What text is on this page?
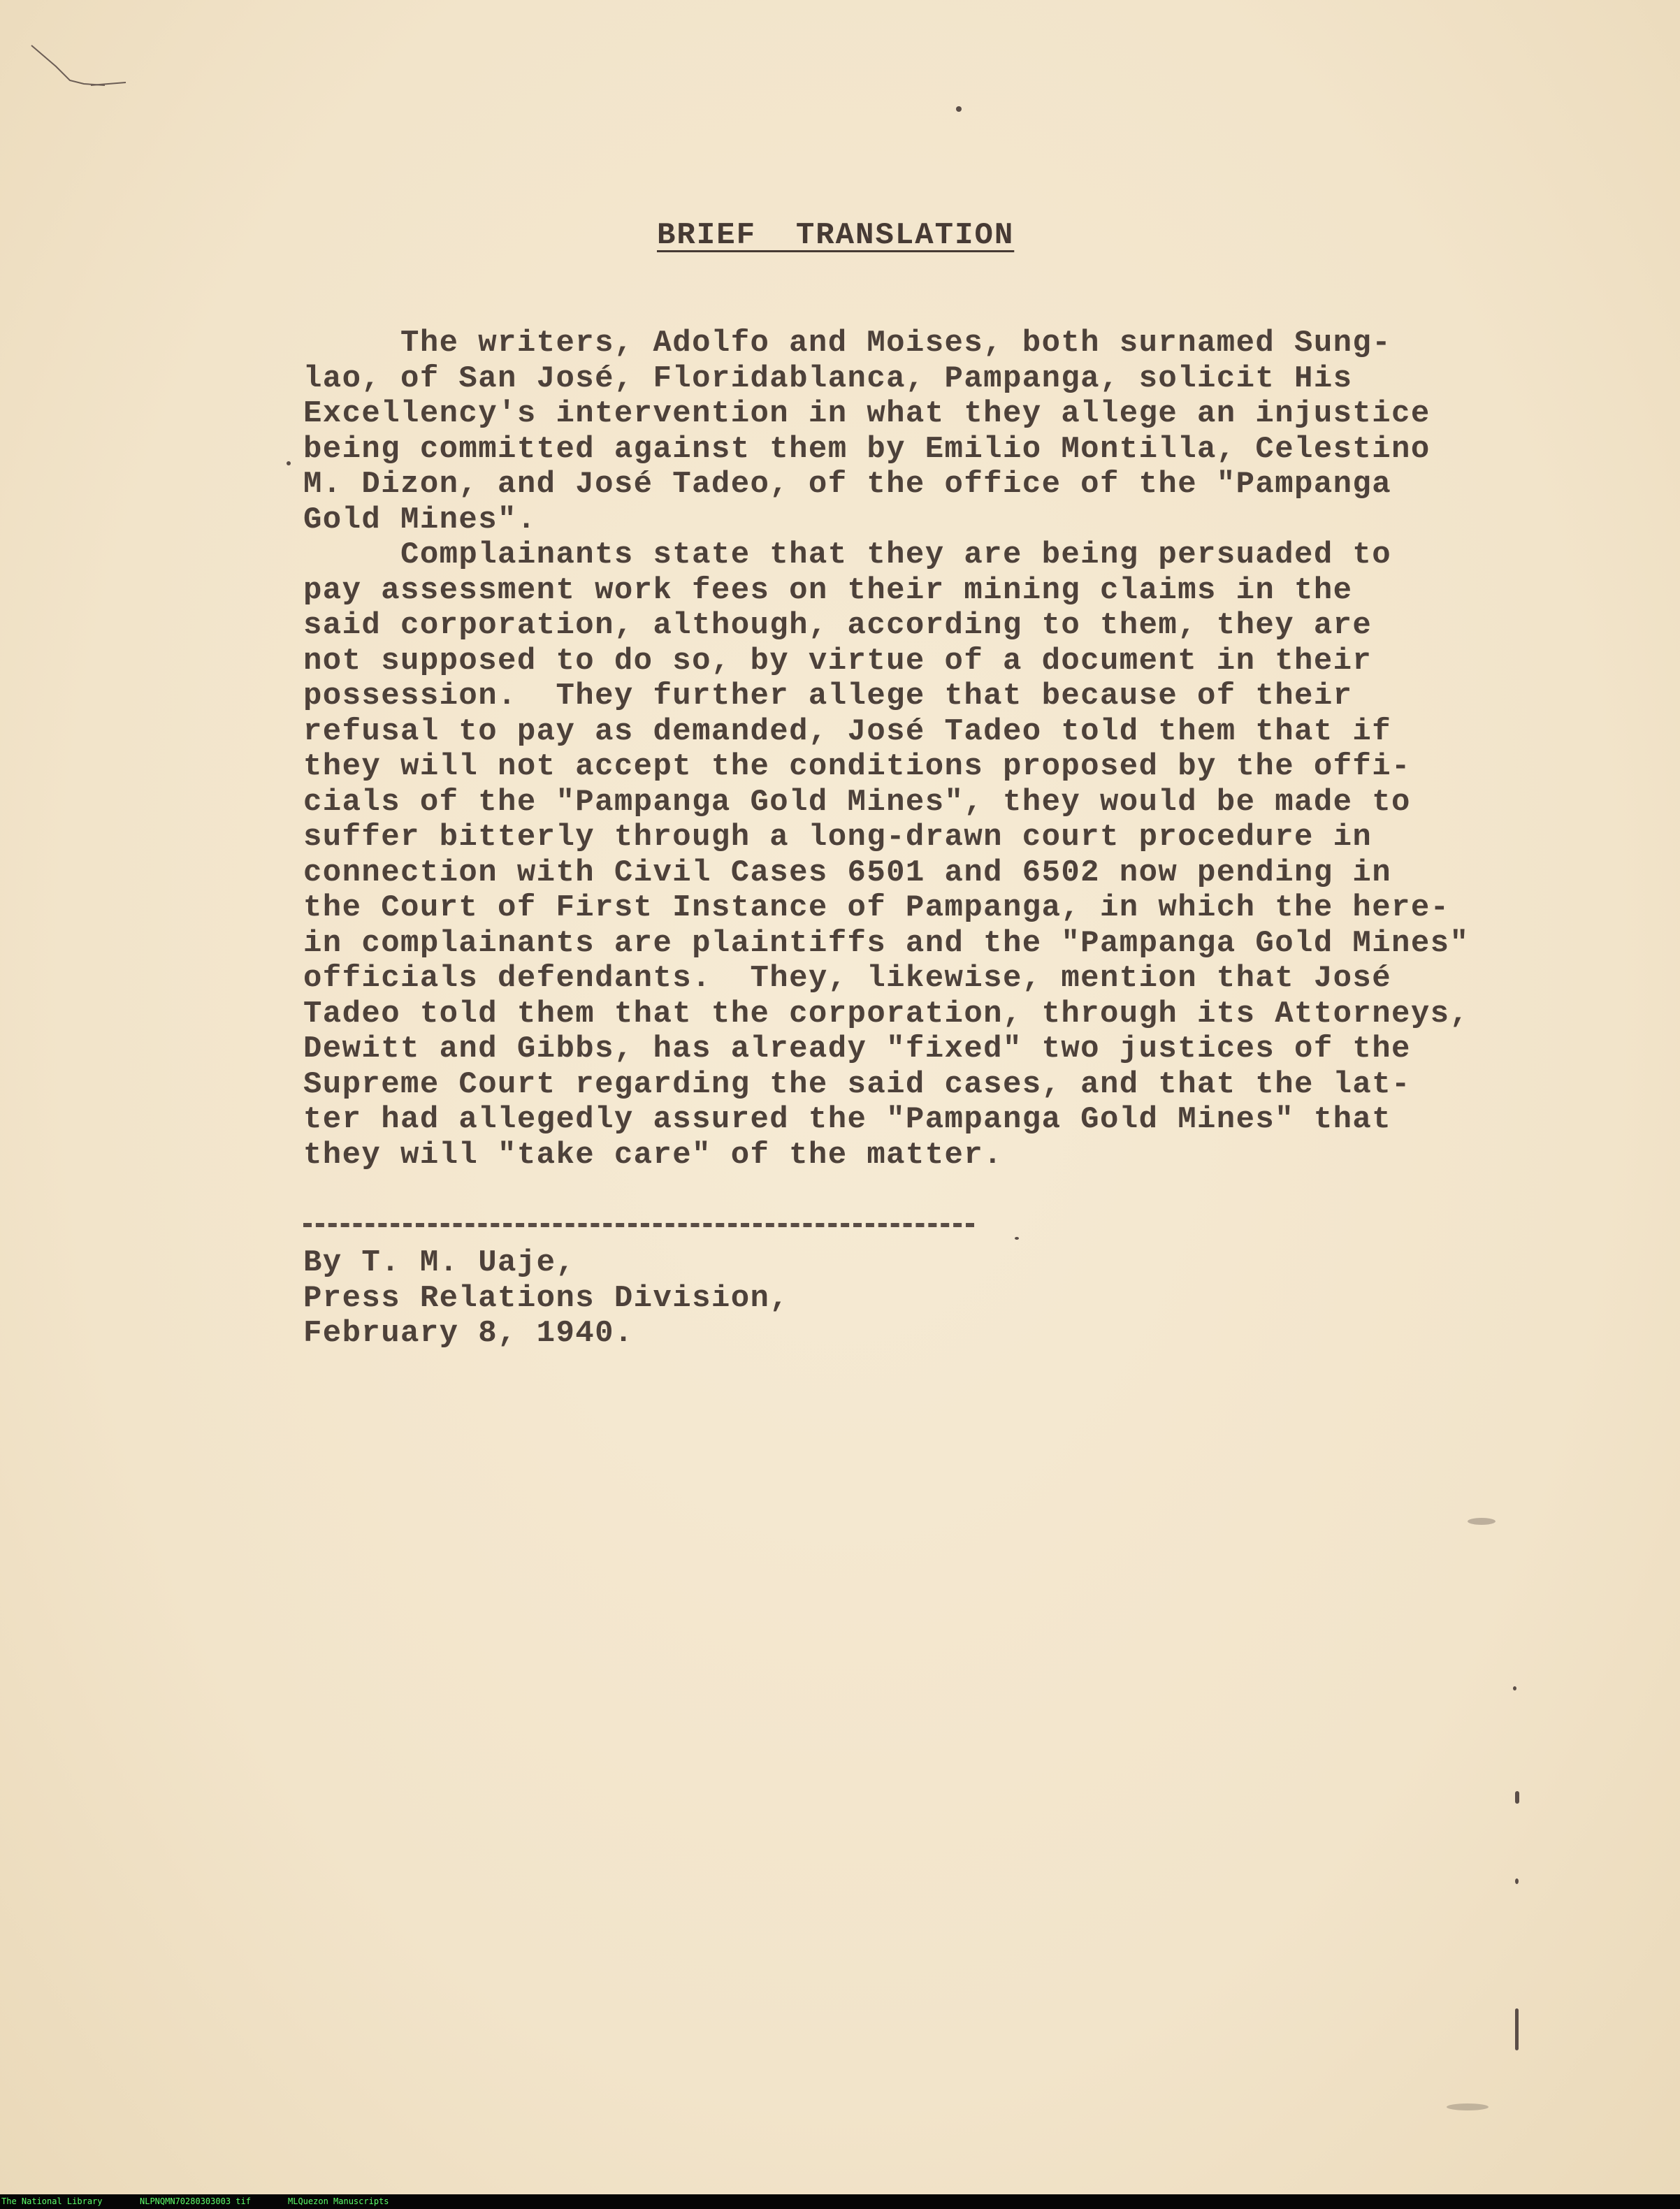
BRIEF  TRANSLATION
The writers, Adolfo and Moises, both surnamed Sung-
lao, of San José, Floridablanca, Pampanga, solicit His
Excellency's intervention in what they allege an injustice
being committed against them by Emilio Montilla, Celestino
M. Dizon, and José Tadeo, of the office of the "Pampanga
Gold Mines".
Complainants state that they are being persuaded to
pay assessment work fees on their mining claims in the
said corporation, although, according to them, they are
not supposed to do so, by virtue of a document in their
possession.  They further allege that because of their
refusal to pay as demanded, José Tadeo told them that if
they will not accept the conditions proposed by the offi-
cials of the "Pampanga Gold Mines", they would be made to
suffer bitterly through a long-drawn court procedure in
connection with Civil Cases 6501 and 6502 now pending in
the Court of First Instance of Pampanga, in which the here-
in complainants are plaintiffs and the "Pampanga Gold Mines"
officials defendants.  They, likewise, mention that José
Tadeo told them that the corporation, through its Attorneys,
Dewitt and Gibbs, has already "fixed" two justices of the
Supreme Court regarding the said cases, and that the lat-
ter had allegedly assured the "Pampanga Gold Mines" that
they will "take care" of the matter.
By T. M. Uaje,
Press Relations Division,
February 8, 1940.
The National Library	NLPNQMN70280303003 tif	MLQuezon Manuscripts
